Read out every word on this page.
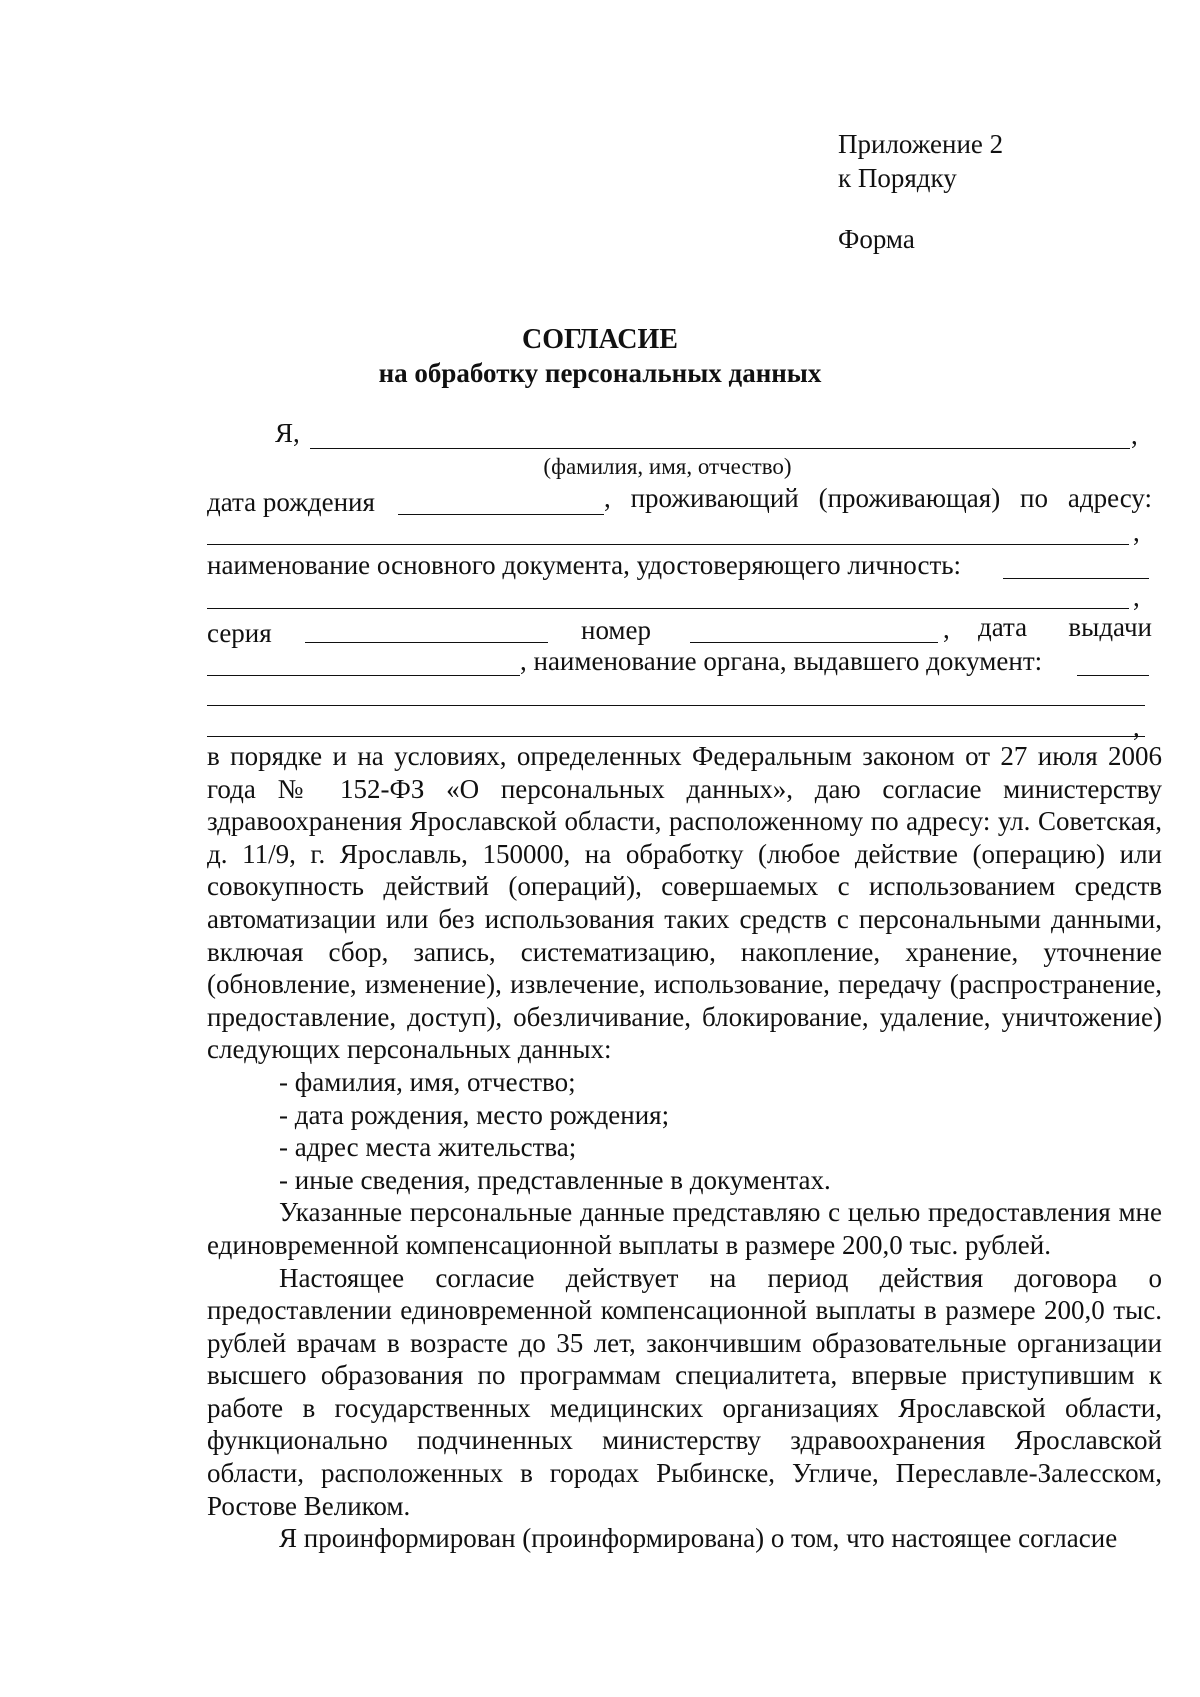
Приложение 2
к Порядку
Форма
СОГЛАСИЕ
на обработку персональных данных
Я,	,
(фамилия, имя, отчество)
дата рождения	, проживающий (проживающая) по адресу:
,
наименование основного документа, удостоверяющего личность:
,
серия	номер	, дата выдачи
, наименование органа, выдавшего документ:
,

в порядке и на условиях, определенных Федеральным законом от 27 июля 2006 года № 152-ФЗ «О персональных данных», даю согласие министерству здравоохранения Ярославской области, расположенному по адресу: ул. Советская, д. 11/9, г. Ярославль, 150000, на обработку (любое действие (операцию) или совокупность действий (операций), совершаемых с использованием средств автоматизации или без использования таких средств с персональными данными, включая сбор, запись, систематизацию, накопление, хранение, уточнение (обновление, изменение), извлечение, использование, передачу (распространение, предоставление, доступ), обезличивание, блокирование, удаление, уничтожение) следующих персональных данных:

- фамилия, имя, отчество;

- дата рождения, место рождения;

- адрес места жительства;

- иные сведения, представленные в документах.

Указанные персональные данные представляю с целью предоставления мне единовременной компенсационной выплаты в размере 200,0 тыс. рублей.

Настоящее согласие действует на период действия договора о предоставлении единовременной компенсационной выплаты в размере 200,0 тыс. рублей врачам в возрасте до 35 лет, закончившим образовательные организации высшего образования по программам специалитета, впервые приступившим к работе в государственных медицинских организациях Ярославской области, функционально подчиненных министерству здравоохранения Ярославской области, расположенных в городах Рыбинске, Угличе, Переславле-Залесском, Ростове Великом.

Я проинформирован (проинформирована) о том, что настоящее согласие
